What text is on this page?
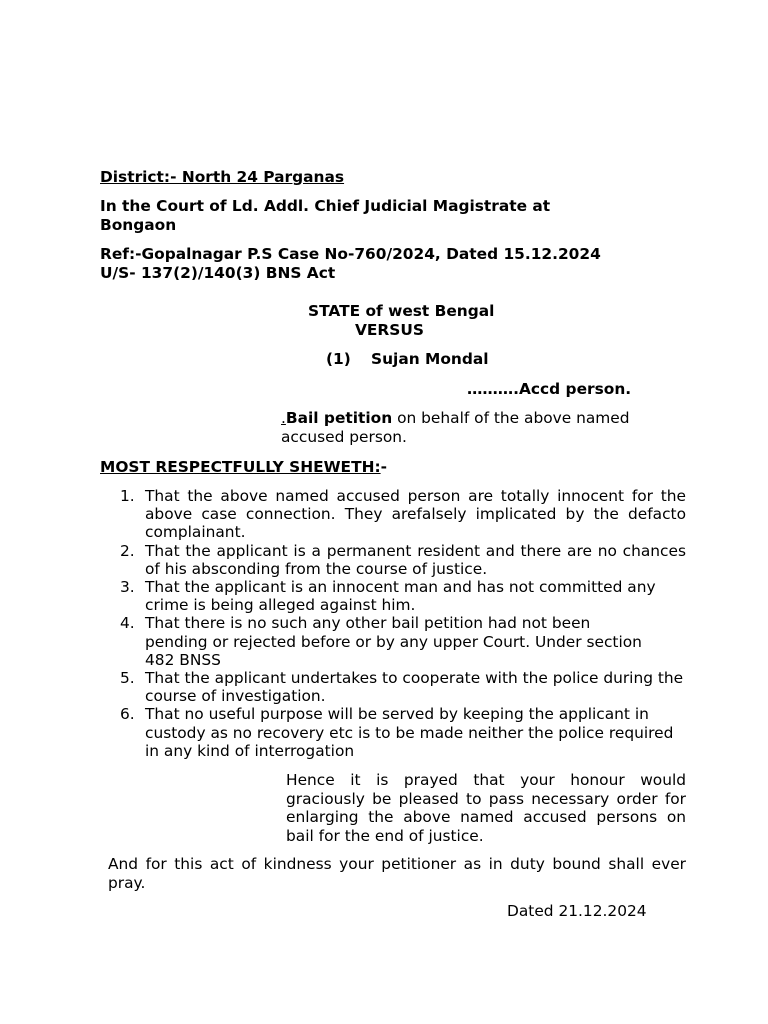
District:- North 24 Parganas
In the Court of Ld. Addl. Chief Judicial Magistrate at
Bongaon
Ref:-Gopalnagar P.S Case No-760/2024, Dated 15.12.2024
U/S- 137(2)/140(3) BNS Act
STATE of west Bengal
VERSUS
(1) Sujan Mondal
……….Accd person.
.Bail petition on behalf of the above named
accused person.
MOST RESPECTFULLY SHEWETH:-
1. That the above named accused person are totally innocent for the above case connection. They arefalsely implicated by the defacto complainant.
2. That the applicant is a permanent resident and there are no chances of his absconding from the course of justice.
3. That the applicant is an innocent man and has not committed any crime is being alleged against him.
4. That there is no such any other bail petition had not been pending or rejected before or by any upper Court. Under section 482 BNSS
5. That the applicant undertakes to cooperate with the police during the course of investigation.
6. That no useful purpose will be served by keeping the applicant in custody as no recovery etc is to be made neither the police required in any kind of interrogation
Hence it is prayed that your honour would graciously be pleased to pass necessary order for enlarging the above named accused persons on bail for the end of justice.
And for this act of kindness your petitioner as in duty bound shall ever pray.
Dated 21.12.2024
